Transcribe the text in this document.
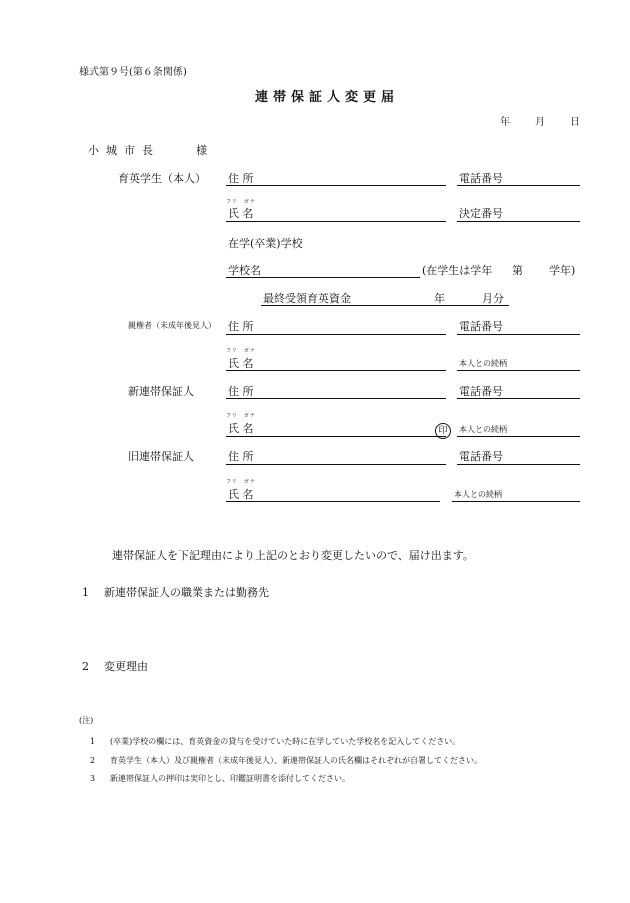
様式第９号(第６条関係)
連帯保証人変更届
年	月	日
小城市長	様
育英学生（本人） 住 所	電話番号
フリ　ガナ
氏 名	決定番号
在学(卒業)学校
学校名	(在学生は学年 第 学年)
最終受領育英資金	年	月分
親権者（未成年後見人） 住 所	電話番号
フリ　ガナ
氏 名	本人との続柄
新連帯保証人	住 所	電話番号
フリ　ガナ
氏 名	印	本人との続柄
旧連帯保証人	住 所	電話番号
フリ　ガナ
氏 名	本人との続柄
連帯保証人を下記理由により上記のとおり変更したいので、届け出ます。
1 新連帯保証人の職業または勤務先
2 変更理由
(注)
1 (卒業)学校の欄には、育英資金の貸与を受けていた時に在学していた学校名を記入してください。
2 育英学生（本人）及び親権者（未成年後見人）、新連帯保証人の氏名欄はそれぞれが自署してください。
3 新連帯保証人の押印は実印とし、印鑑証明書を添付してください。
